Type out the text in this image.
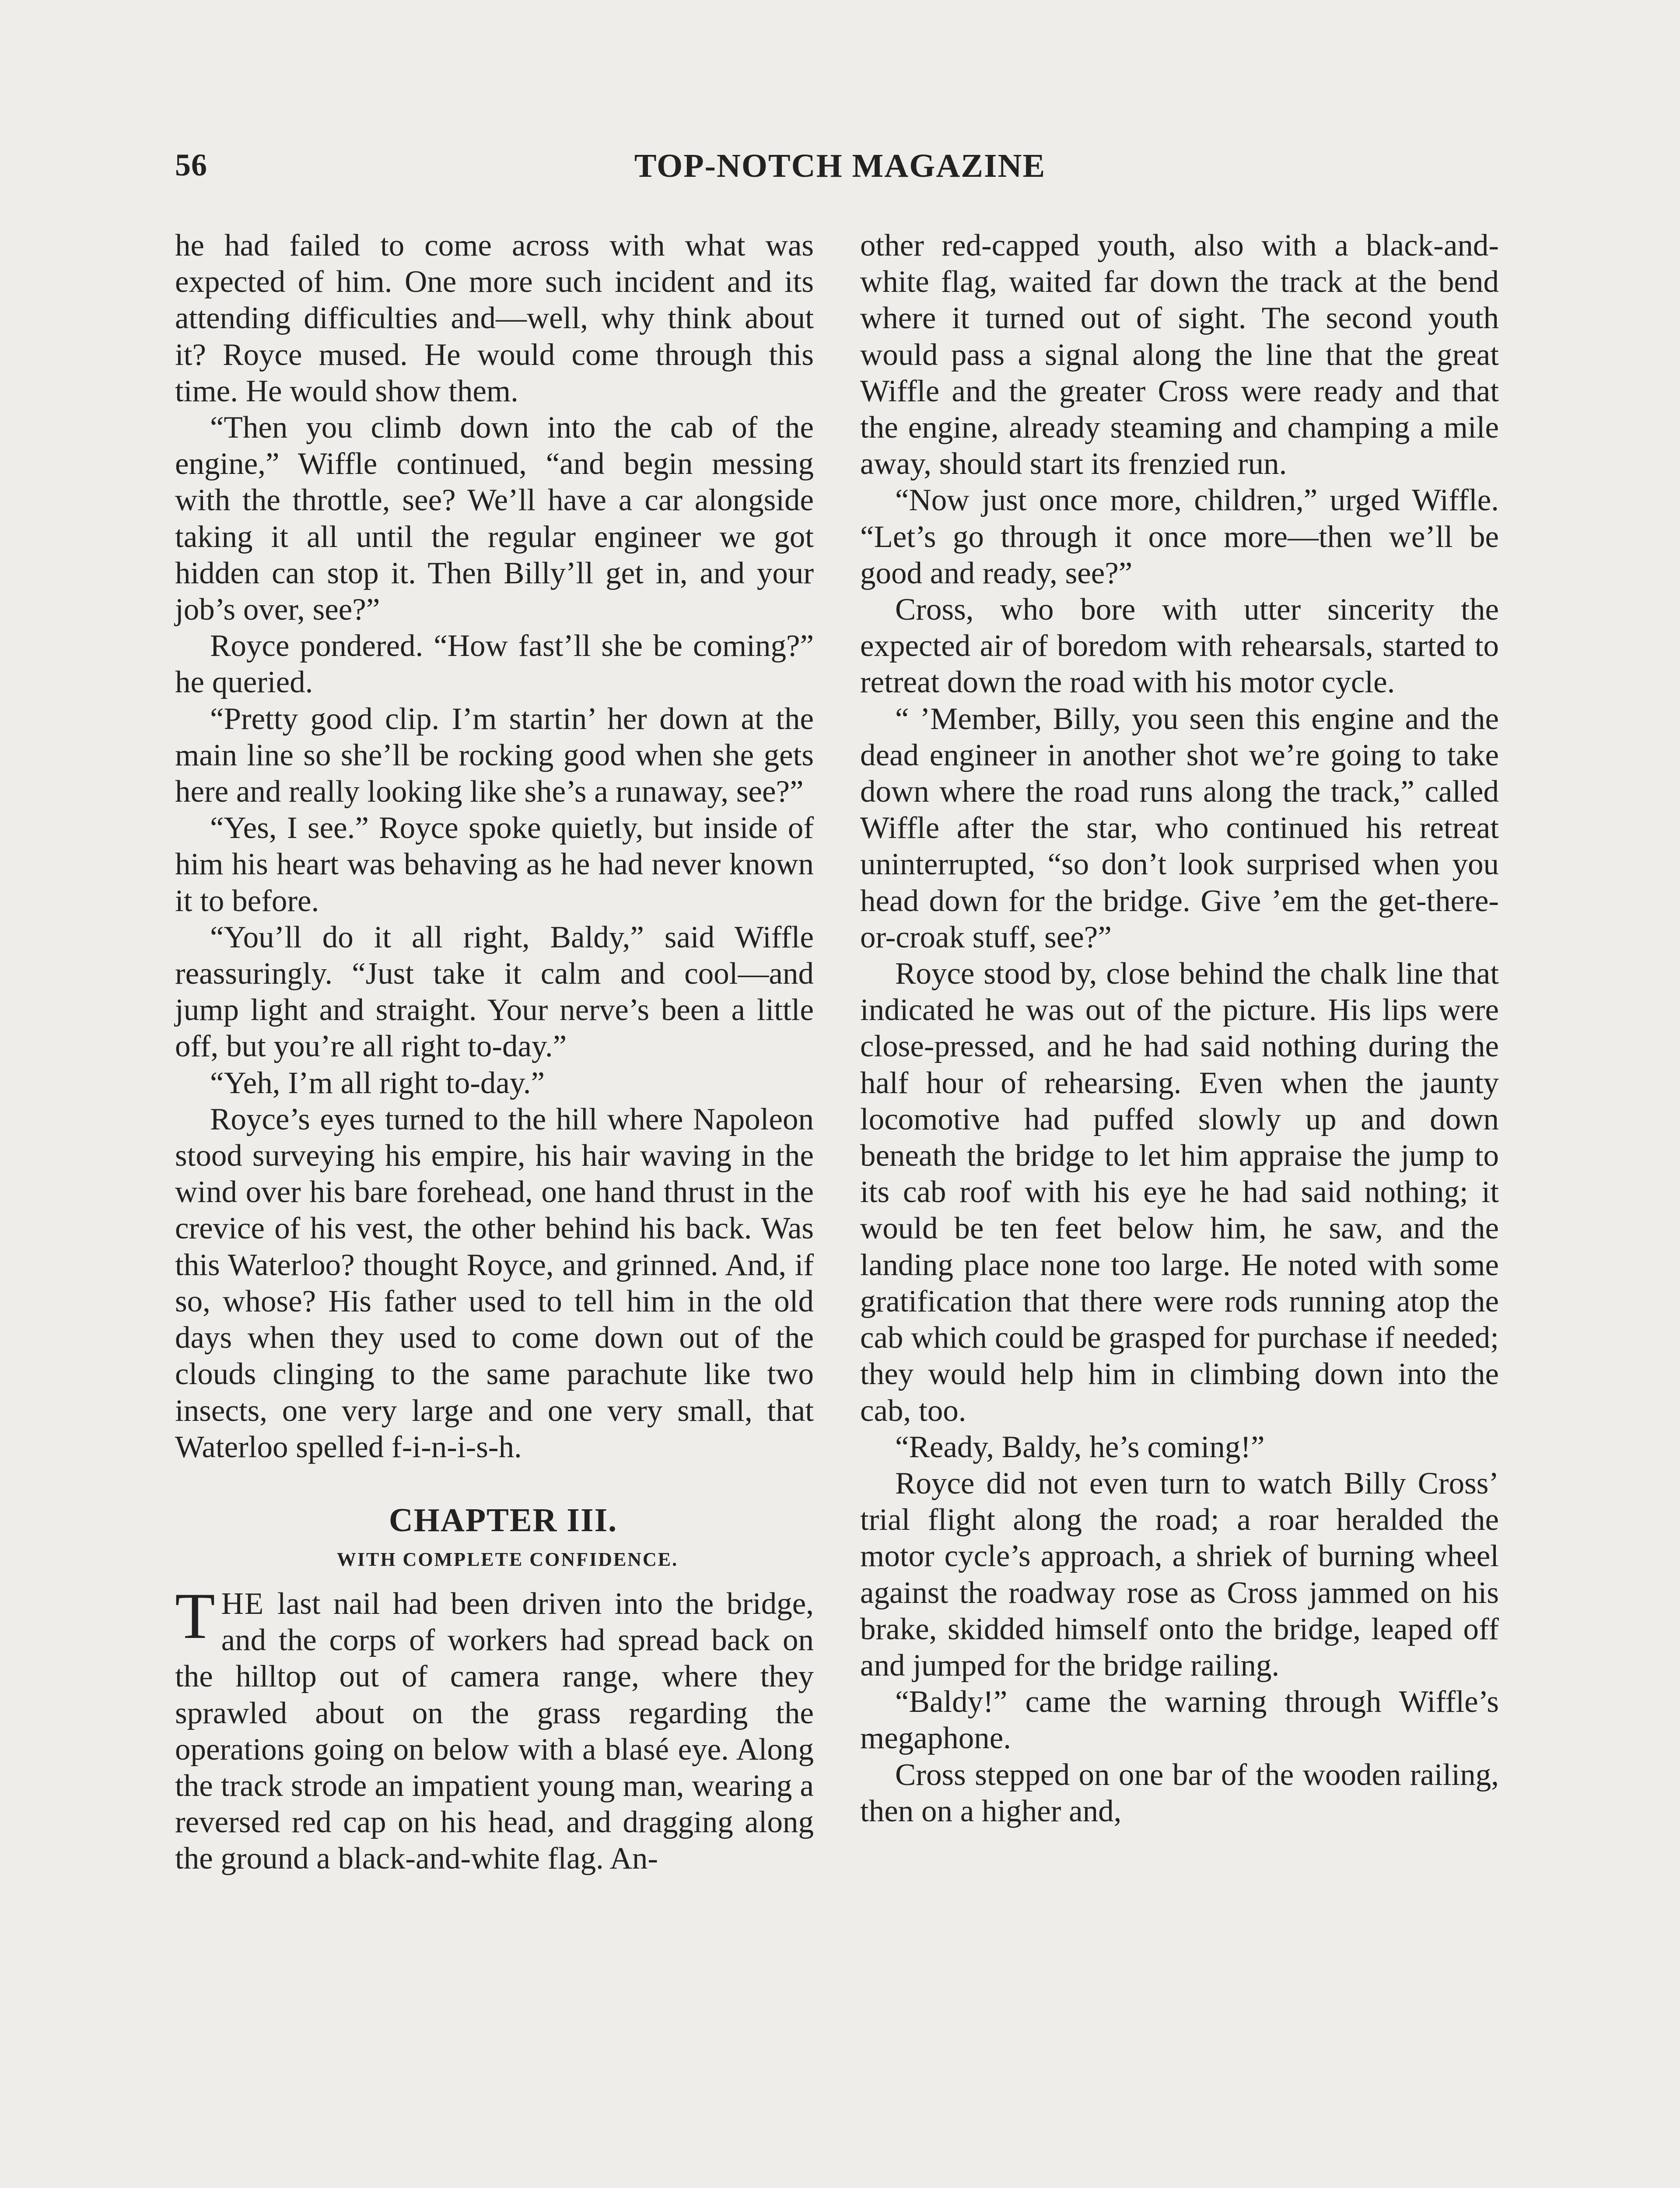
56	TOP-NOTCH MAGAZINE

he had failed to come across with what was expected of him. One more such incident and its attending difficulties and—well, why think about it? Royce mused. He would come through this time. He would show them.

“Then you climb down into the cab of the engine,” Wiffle continued, “and begin messing with the throttle, see? We’ll have a car alongside taking it all until the regular engineer we got hidden can stop it. Then Billy’ll get in, and your job’s over, see?”

Royce pondered. “How fast’ll she be coming?” he queried.

“Pretty good clip. I’m startin’ her down at the main line so she’ll be rocking good when she gets here and really looking like she’s a runaway, see?”

“Yes, I see.” Royce spoke quietly, but inside of him his heart was behaving as he had never known it to before.

“You’ll do it all right, Baldy,” said Wiffle reassuringly. “Just take it calm and cool—and jump light and straight. Your nerve’s been a little off, but you’re all right to-day.”

“Yeh, I’m all right to-day.”

Royce’s eyes turned to the hill where Napoleon stood surveying his empire, his hair waving in the wind over his bare forehead, one hand thrust in the crevice of his vest, the other behind his back. Was this Waterloo? thought Royce, and grinned. And, if so, whose? His father used to tell him in the old days when they used to come down out of the clouds clinging to the same parachute like two insects, one very large and one very small, that Waterloo spelled f-i-n-i-s-h.

CHAPTER III.
WITH COMPLETE CONFIDENCE.

THE last nail had been driven into the bridge, and the corps of workers had spread back on the hilltop out of camera range, where they sprawled about on the grass regarding the operations going on below with a blasé eye. Along the track strode an impatient young man, wearing a reversed red cap on his head, and dragging along the ground a black-and-white flag. An-

other red-capped youth, also with a black-and-white flag, waited far down the track at the bend where it turned out of sight. The second youth would pass a signal along the line that the great Wiffle and the greater Cross were ready and that the engine, already steaming and champing a mile away, should start its frenzied run.

“Now just once more, children,” urged Wiffle. “Let’s go through it once more—then we’ll be good and ready, see?”

Cross, who bore with utter sincerity the expected air of boredom with rehearsals, started to retreat down the road with his motor cycle.

“ ’Member, Billy, you seen this engine and the dead engineer in another shot we’re going to take down where the road runs along the track,” called Wiffle after the star, who continued his retreat uninterrupted, “so don’t look surprised when you head down for the bridge. Give ’em the get-there-or-croak stuff, see?”

Royce stood by, close behind the chalk line that indicated he was out of the picture. His lips were close-pressed, and he had said nothing during the half hour of rehearsing. Even when the jaunty locomotive had puffed slowly up and down beneath the bridge to let him appraise the jump to its cab roof with his eye he had said nothing; it would be ten feet below him, he saw, and the landing place none too large. He noted with some gratification that there were rods running atop the cab which could be grasped for purchase if needed; they would help him in climbing down into the cab, too.

“Ready, Baldy, he’s coming!”

Royce did not even turn to watch Billy Cross’ trial flight along the road; a roar heralded the motor cycle’s approach, a shriek of burning wheel against the roadway rose as Cross jammed on his brake, skidded himself onto the bridge, leaped off and jumped for the bridge railing.

“Baldy!” came the warning through Wiffle’s megaphone.

Cross stepped on one bar of the wooden railing, then on a higher and,
